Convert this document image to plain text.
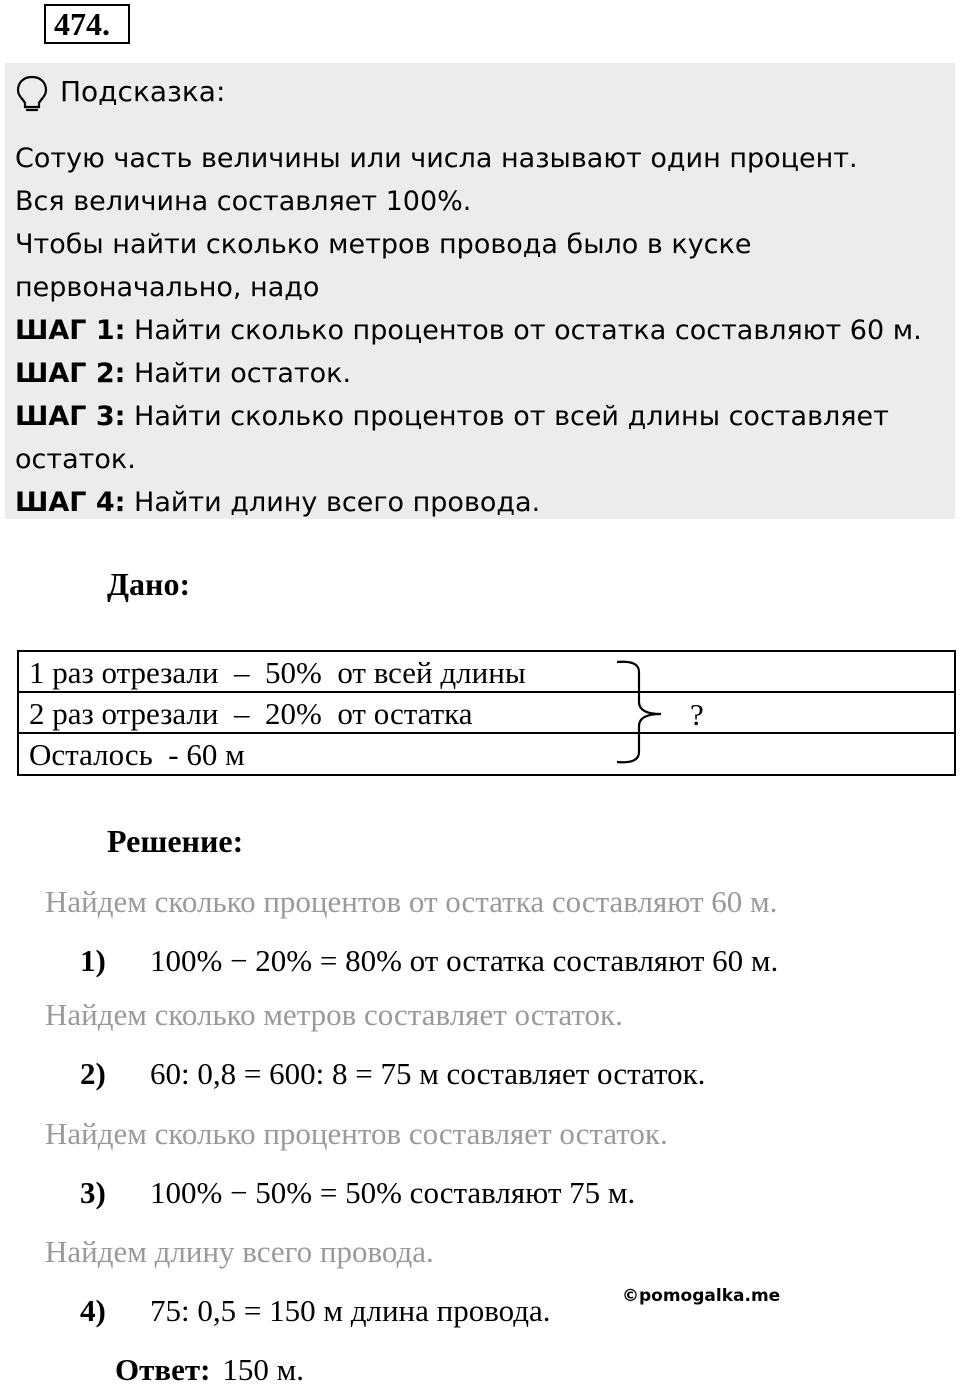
474.
Подсказка:
Сотую часть величины или числа называют один процент.
Вся величина составляет 100%.
Чтобы найти сколько метров провода было в куске
первоначально, надо
ШАГ 1: Найти сколько процентов от остатка составляют 60 м.
ШАГ 2: Найти остаток.
ШАГ 3: Найти сколько процентов от всей длины составляет
остаток.
ШАГ 4: Найти длину всего провода.
Дано:
1 раз отрезали  –  50%  от всей длины
2 раз отрезали  –  20%  от остатка
Осталось  - 60 м
?
Решение:
Найдем сколько процентов от остатка составляют 60 м.
1) 100% − 20% = 80% от остатка составляют 60 м.
Найдем сколько метров составляет остаток.
2) 60: 0,8 = 600: 8 = 75 м составляет остаток.
Найдем сколько процентов составляет остаток.
3) 100% − 50% = 50% составляют 75 м.
Найдем длину всего провода.
4) 75: 0,5 = 150 м длина провода.	©pomogalka.me
Ответ: 150 м.
